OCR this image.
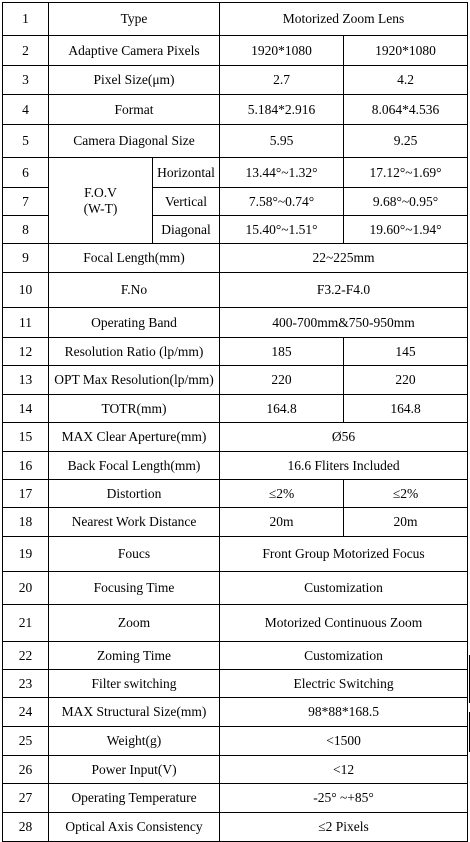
1	Type		Motorized Zoom Lens	
2	Adaptive Camera Pixels		1920*1080	1920*1080
3	Pixel Size(μm)		2.7	4.2
4	Format		5.184*2.916	8.064*4.536
5	Camera Diagonal Size		5.95	9.25
6	F.O.V
(W-T)	Horizontal	13.44°~1.32°	17.12°~1.69°
7		Vertical	7.58°~0.74°	9.68°~0.95°
8		Diagonal	15.40°~1.51°	19.60°~1.94°
9	Focal Length(mm)		22~225mm	
10	F.No		F3.2-F4.0	
11	Operating Band		400-700mm&750-950mm	
12	Resolution Ratio (lp/mm)		185	145
13	OPT Max Resolution(lp/mm)		220	220
14	TOTR(mm)		164.8	164.8
15	MAX Clear Aperture(mm)		Ø56	
16	Back Focal Length(mm)		16.6 Fliters Included	
17	Distortion		≤2%	≤2%
18	Nearest Work Distance		20m	20m
19	Foucs		Front Group Motorized Focus	
20	Focusing Time		Customization	
21	Zoom		Motorized Continuous Zoom	
22	Zoming Time		Customization	
23	Filter switching		Electric Switching	
24	MAX Structural Size(mm)		98*88*168.5	
25	Weight(g)		<1500	
26	Power Input(V)		<12	
27	Operating Temperature		-25° ~+85°	
28	Optical Axis Consistency		≤2 Pixels	
